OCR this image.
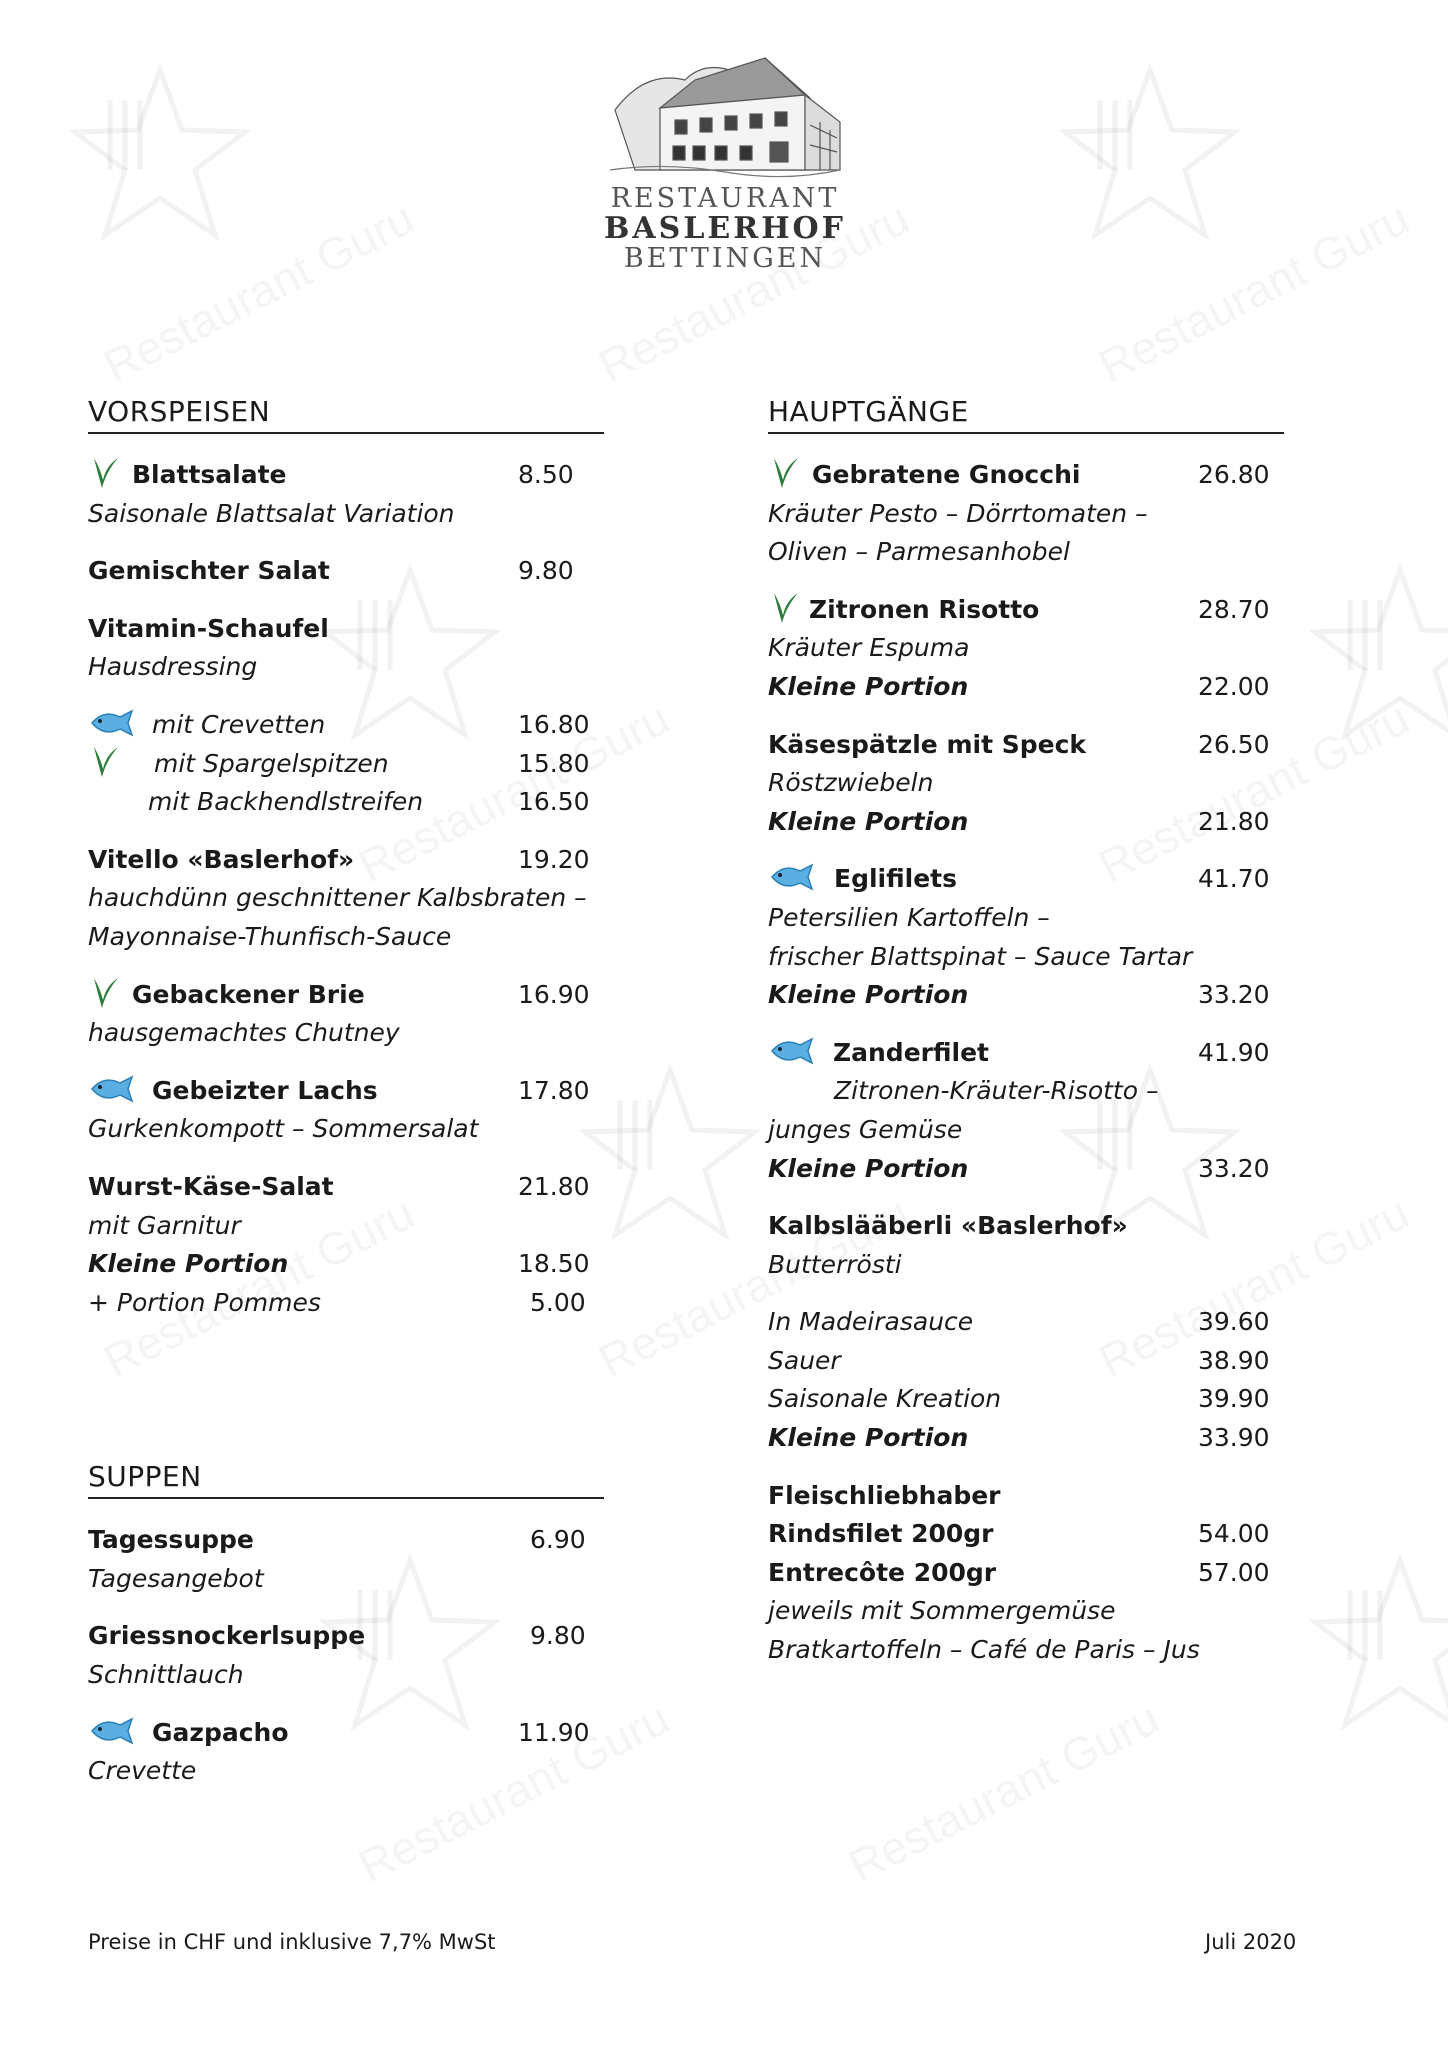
RESTAURANT
BASLERHOF
BETTINGEN
VORSPEISEN
Blattsalate	8.50
Saisonale Blattsalat Variation
Gemischter Salat	9.80
Vitamin-Schaufel
Hausdressing
mit Crevetten	16.80
mit Spargelspitzen	15.80
mit Backhendlstreifen	16.50
Vitello «Baslerhof»	19.20
hauchdünn geschnittener Kalbsbraten –
Mayonnaise-Thunfisch-Sauce
Gebackener Brie	16.90
hausgemachtes Chutney
Gebeizter Lachs	17.80
Gurkenkompott – Sommersalat
Wurst-Käse-Salat	21.80
mit Garnitur
Kleine Portion	18.50
+ Portion Pommes	5.00
SUPPEN
Tagessuppe	6.90
Tagesangebot
Griessnockerlsuppe	9.80
Schnittlauch
Gazpacho	11.90
Crevette
HAUPTGÄNGE
Gebratene Gnocchi	26.80
Kräuter Pesto – Dörrtomaten –
Oliven – Parmesanhobel
Zitronen Risotto	28.70
Kräuter Espuma
Kleine Portion	22.00
Käsespätzle mit Speck	26.50
Röstzwiebeln
Kleine Portion	21.80
Eglifilets	41.70
Petersilien Kartoffeln –
frischer Blattspinat – Sauce Tartar
Kleine Portion	33.20
Zanderfilet	41.90
Zitronen-Kräuter-Risotto –
junges Gemüse
Kleine Portion	33.20
Kalbslääberli «Baslerhof»
Butterrösti
In Madeirasauce	39.60
Sauer	38.90
Saisonale Kreation	39.90
Kleine Portion	33.90
Fleischliebhaber
Rindsfilet 200gr	54.00
Entrecôte 200gr	57.00
jeweils mit Sommergemüse
Bratkartoffeln – Café de Paris – Jus
Preise in CHF und inklusive 7,7% MwSt	Juli 2020
